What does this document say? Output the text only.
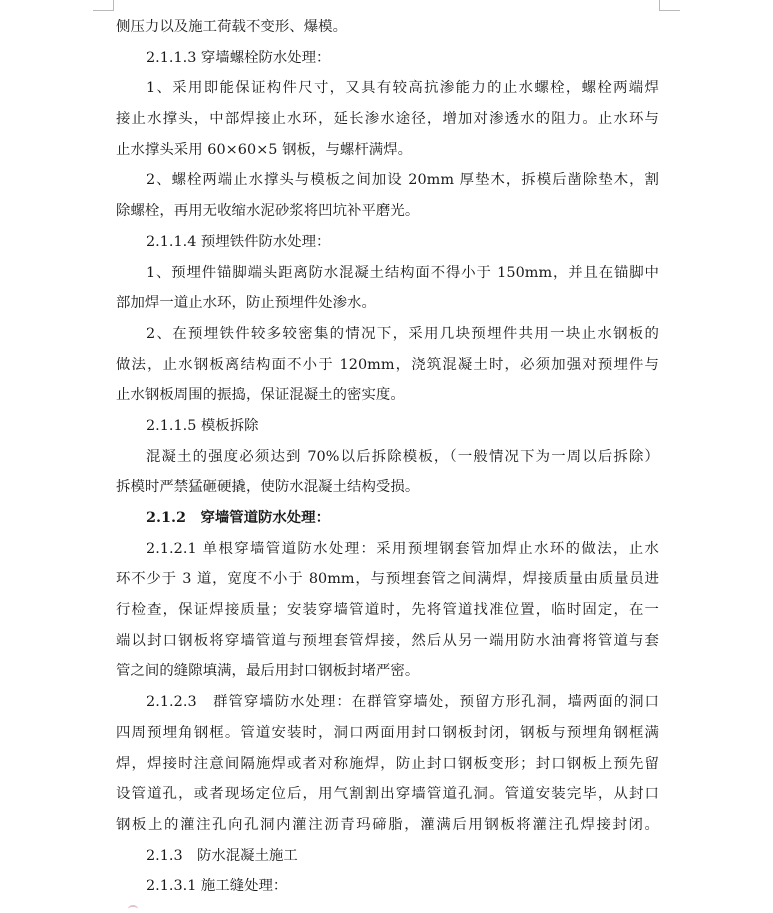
侧压力以及施工荷载不变形、爆模。
2.1.1.3 穿墙螺栓防水处理：
1、采用即能保证构件尺寸，又具有较高抗渗能力的止水螺栓，螺栓两端焊
接止水撑头，中部焊接止水环，延长渗水途径，增加对渗透水的阻力。止水环与
止水撑头采用 60×60×5 钢板，与螺杆满焊。
2、螺栓两端止水撑头与模板之间加设 20mm 厚垫木，拆模后凿除垫木，割
除螺栓，再用无收缩水泥砂浆将凹坑补平磨光。
2.1.1.4 预埋铁件防水处理：
1、预埋件锚脚端头距离防水混凝土结构面不得小于 150mm，并且在锚脚中
部加焊一道止水环，防止预埋件处渗水。
2、在预埋铁件较多较密集的情况下，采用几块预埋件共用一块止水钢板的
做法，止水钢板离结构面不小于 120mm，浇筑混凝土时，必须加强对预埋件与
止水钢板周围的振捣，保证混凝土的密实度。
2.1.1.5 模板拆除
混凝土的强度必须达到 70%以后拆除模板，（一般情况下为一周以后拆除）
拆模时严禁猛砸硬撬，使防水混凝土结构受损。
2.1.2　穿墙管道防水处理：
2.1.2.1 单根穿墙管道防水处理：采用预埋钢套管加焊止水环的做法，止水
环不少于 3 道，宽度不小于 80mm，与预埋套管之间满焊，焊接质量由质量员进
行检查，保证焊接质量；安装穿墙管道时，先将管道找准位置，临时固定，在一
端以封口钢板将穿墙管道与预埋套管焊接，然后从另一端用防水油膏将管道与套
管之间的缝隙填满，最后用封口钢板封堵严密。
2.1.2.3　群管穿墙防水处理：在群管穿墙处，预留方形孔洞，墙两面的洞口
四周预埋角钢框。管道安装时，洞口两面用封口钢板封闭，钢板与预埋角钢框满
焊，焊接时注意间隔施焊或者对称施焊，防止封口钢板变形；封口钢板上预先留
设管道孔，或者现场定位后，用气割割出穿墙管道孔洞。管道安装完毕，从封口
钢板上的灌注孔向孔洞内灌注沥青玛碲脂，灌满后用钢板将灌注孔焊接封闭。
2.1.3　防水混凝土施工
2.1.3.1 施工缝处理：
